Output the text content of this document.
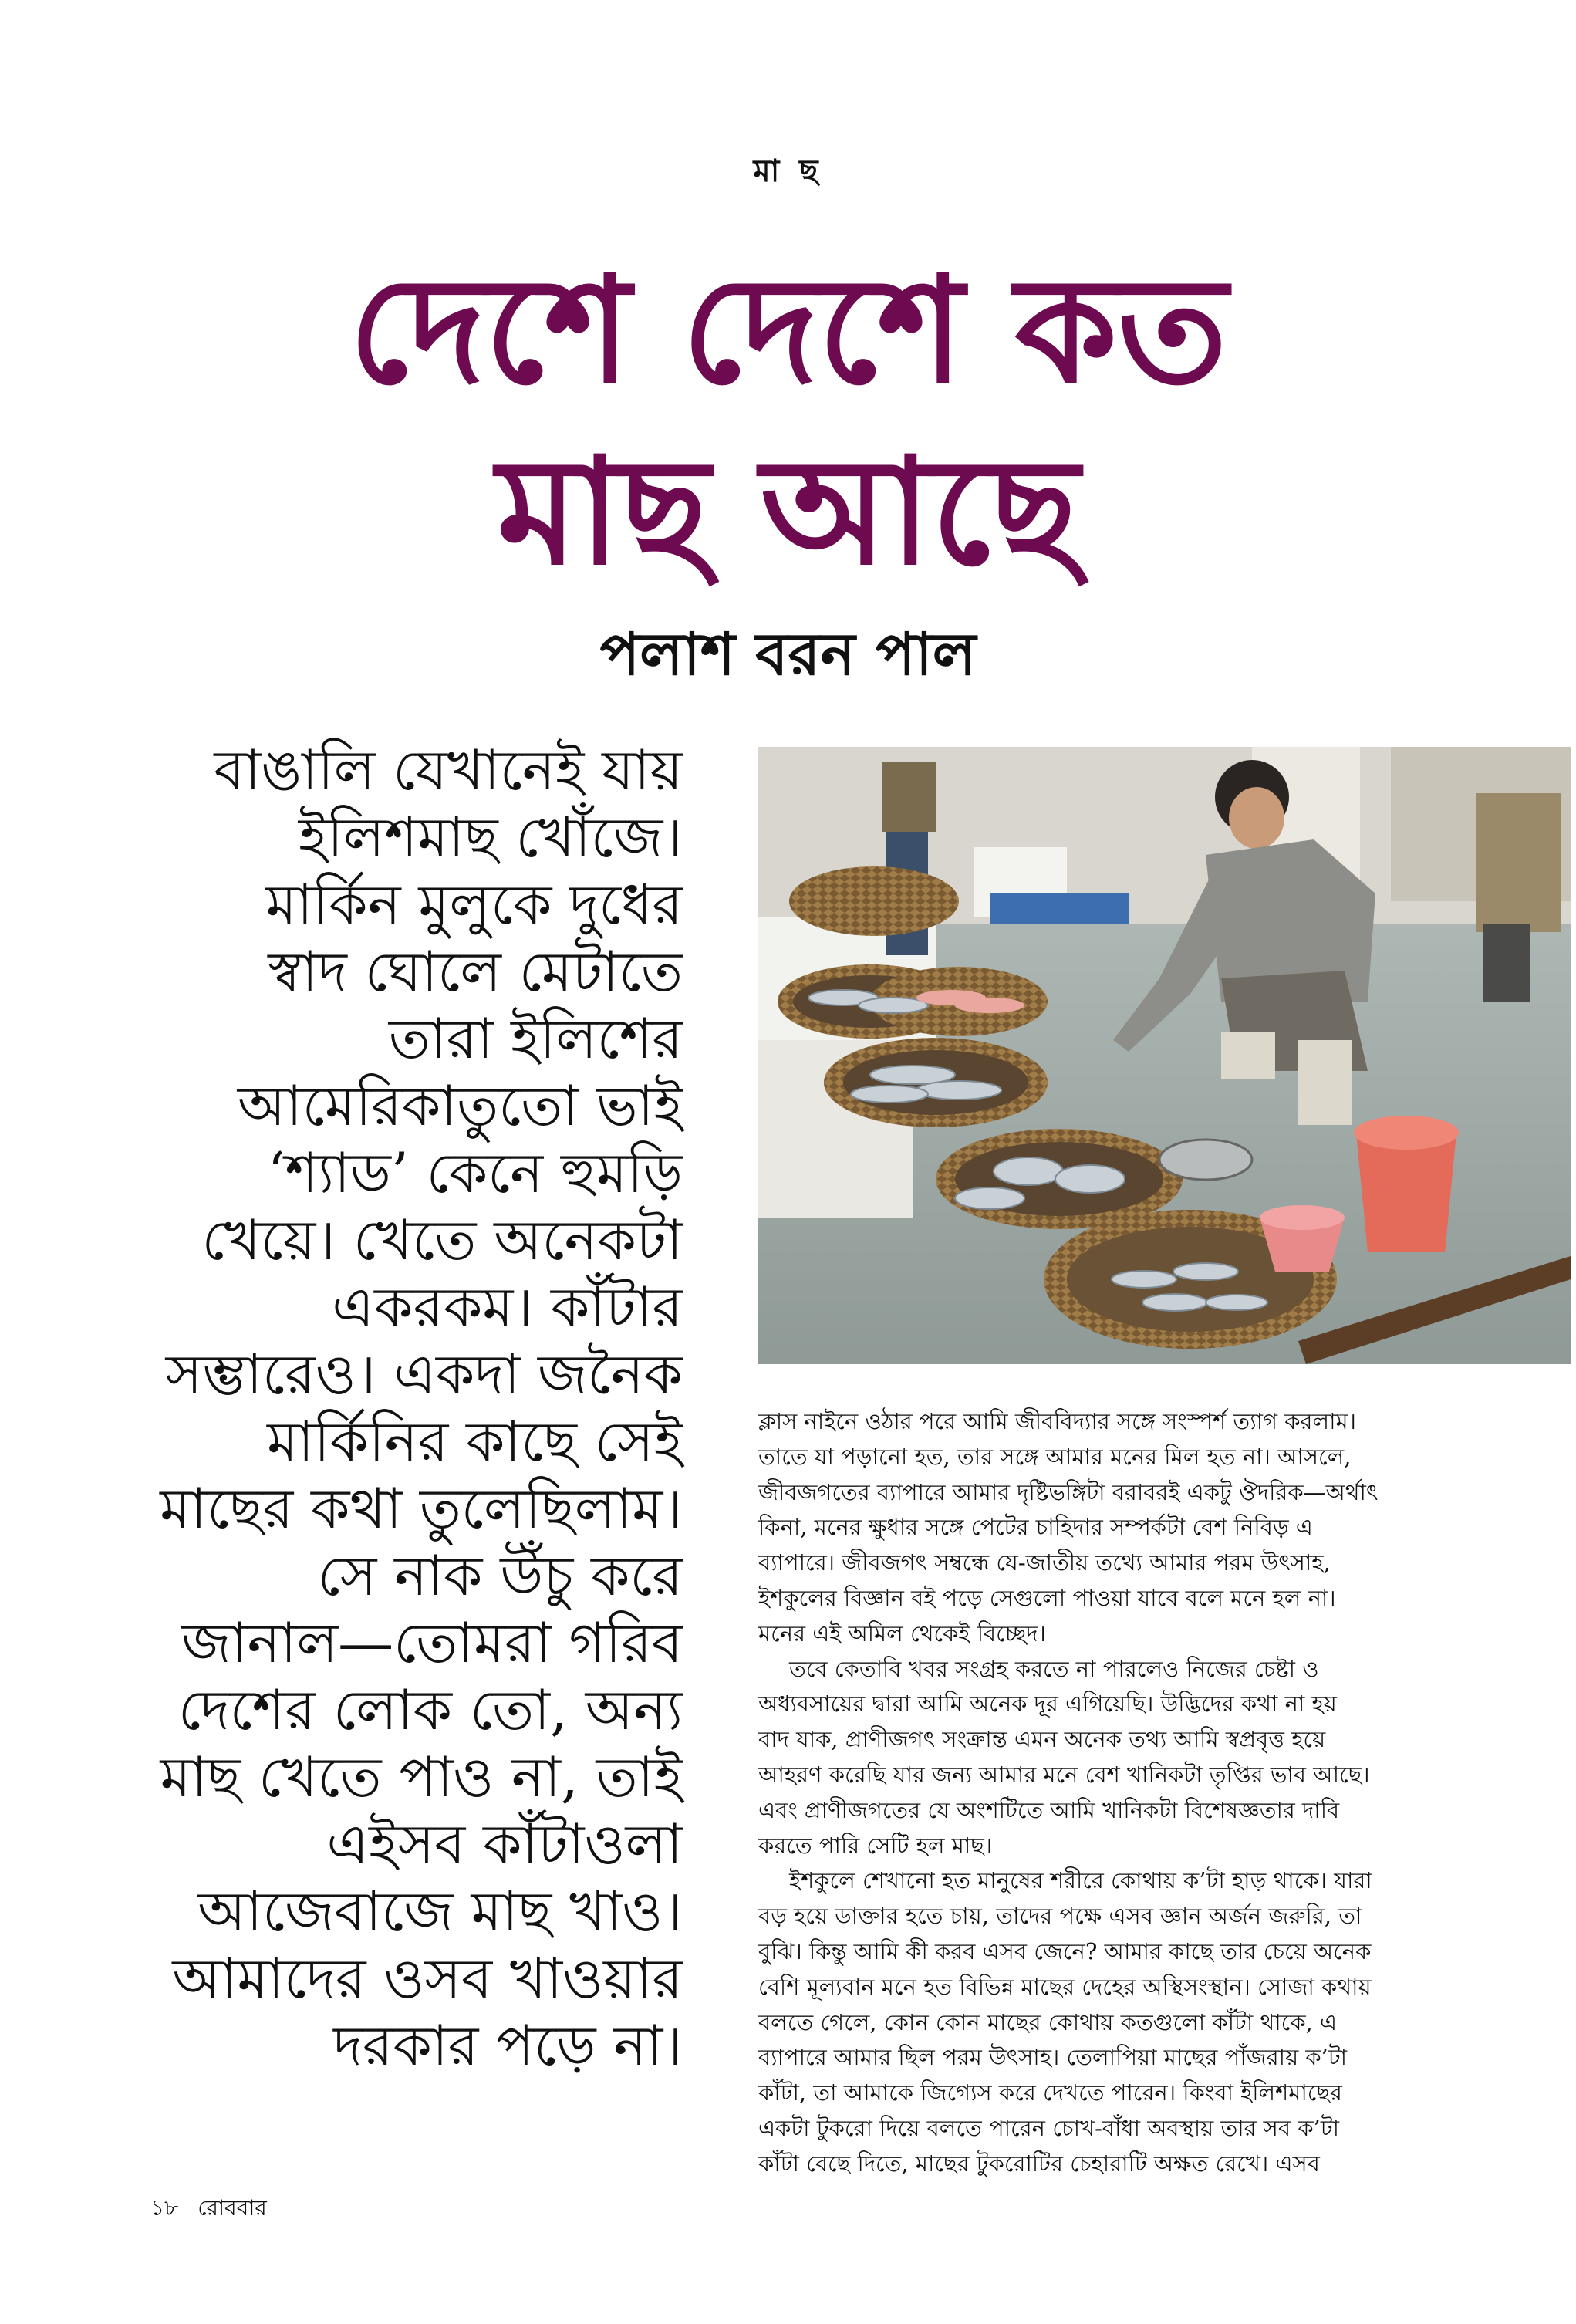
মা ছ
দেশে দেশে কত
মাছ আছে
পলাশ বরন পাল
বাঙালি যেখানেই যায়
ইলিশমাছ খোঁজে।
মার্কিন মুলুকে দুধের
স্বাদ ঘোলে মেটাতে
তারা ইলিশের
আমেরিকাতুতো ভাই
‘শ্যাড’ কেনে হুমড়ি
খেয়ে। খেতে অনেকটা
একরকম। কাঁটার
সম্ভারেও। একদা জনৈক
মার্কিনির কাছে সেই
মাছের কথা তুলেছিলাম।
সে নাক উঁচু করে
জানাল—তোমরা গরিব
দেশের লোক তো, অন্য
মাছ খেতে পাও না, তাই
এইসব কাঁটাওলা
আজেবাজে মাছ খাও।
আমাদের ওসব খাওয়ার
দরকার পড়ে না।
ক্লাস নাইনে ওঠার পরে আমি জীববিদ্যার সঙ্গে সংস্পর্শ ত্যাগ করলাম।
তাতে যা পড়ানো হত, তার সঙ্গে আমার মনের মিল হত না। আসলে,
জীবজগতের ব্যাপারে আমার দৃষ্টিভঙ্গিটা বরাবরই একটু ঔদরিক—অর্থাৎ
কিনা, মনের ক্ষুধার সঙ্গে পেটের চাহিদার সম্পর্কটা বেশ নিবিড় এ
ব্যাপারে। জীবজগৎ সম্বন্ধে যে-জাতীয় তথ্যে আমার পরম উৎসাহ,
ইশকুলের বিজ্ঞান বই পড়ে সেগুলো পাওয়া যাবে বলে মনে হল না।
মনের এই অমিল থেকেই বিচ্ছেদ।
তবে কেতাবি খবর সংগ্রহ করতে না পারলেও নিজের চেষ্টা ও
অধ্যবসায়ের দ্বারা আমি অনেক দূর এগিয়েছি। উদ্ভিদের কথা না হয়
বাদ যাক, প্রাণীজগৎ সংক্রান্ত এমন অনেক তথ্য আমি স্বপ্রবৃত্ত হয়ে
আহরণ করেছি যার জন্য আমার মনে বেশ খানিকটা তৃপ্তির ভাব আছে।
এবং প্রাণীজগতের যে অংশটিতে আমি খানিকটা বিশেষজ্ঞতার দাবি
করতে পারি সেটি হল মাছ।
ইশকুলে শেখানো হত মানুষের শরীরে কোথায় ক’টা হাড় থাকে। যারা
বড় হয়ে ডাক্তার হতে চায়, তাদের পক্ষে এসব জ্ঞান অর্জন জরুরি, তা
বুঝি। কিন্তু আমি কী করব এসব জেনে? আমার কাছে তার চেয়ে অনেক
বেশি মূল্যবান মনে হত বিভিন্ন মাছের দেহের অস্থিসংস্থান। সোজা কথায়
বলতে গেলে, কোন কোন মাছের কোথায় কতগুলো কাঁটা থাকে, এ
ব্যাপারে আমার ছিল পরম উৎসাহ। তেলাপিয়া মাছের পাঁজরায় ক’টা
কাঁটা, তা আমাকে জিগ্যেস করে দেখতে পারেন। কিংবা ইলিশমাছের
একটা টুকরো দিয়ে বলতে পারেন চোখ-বাঁধা অবস্থায় তার সব ক’টা
কাঁটা বেছে দিতে, মাছের টুকরোটির চেহারাটি অক্ষত রেখে। এসব
১৮ রোববার
